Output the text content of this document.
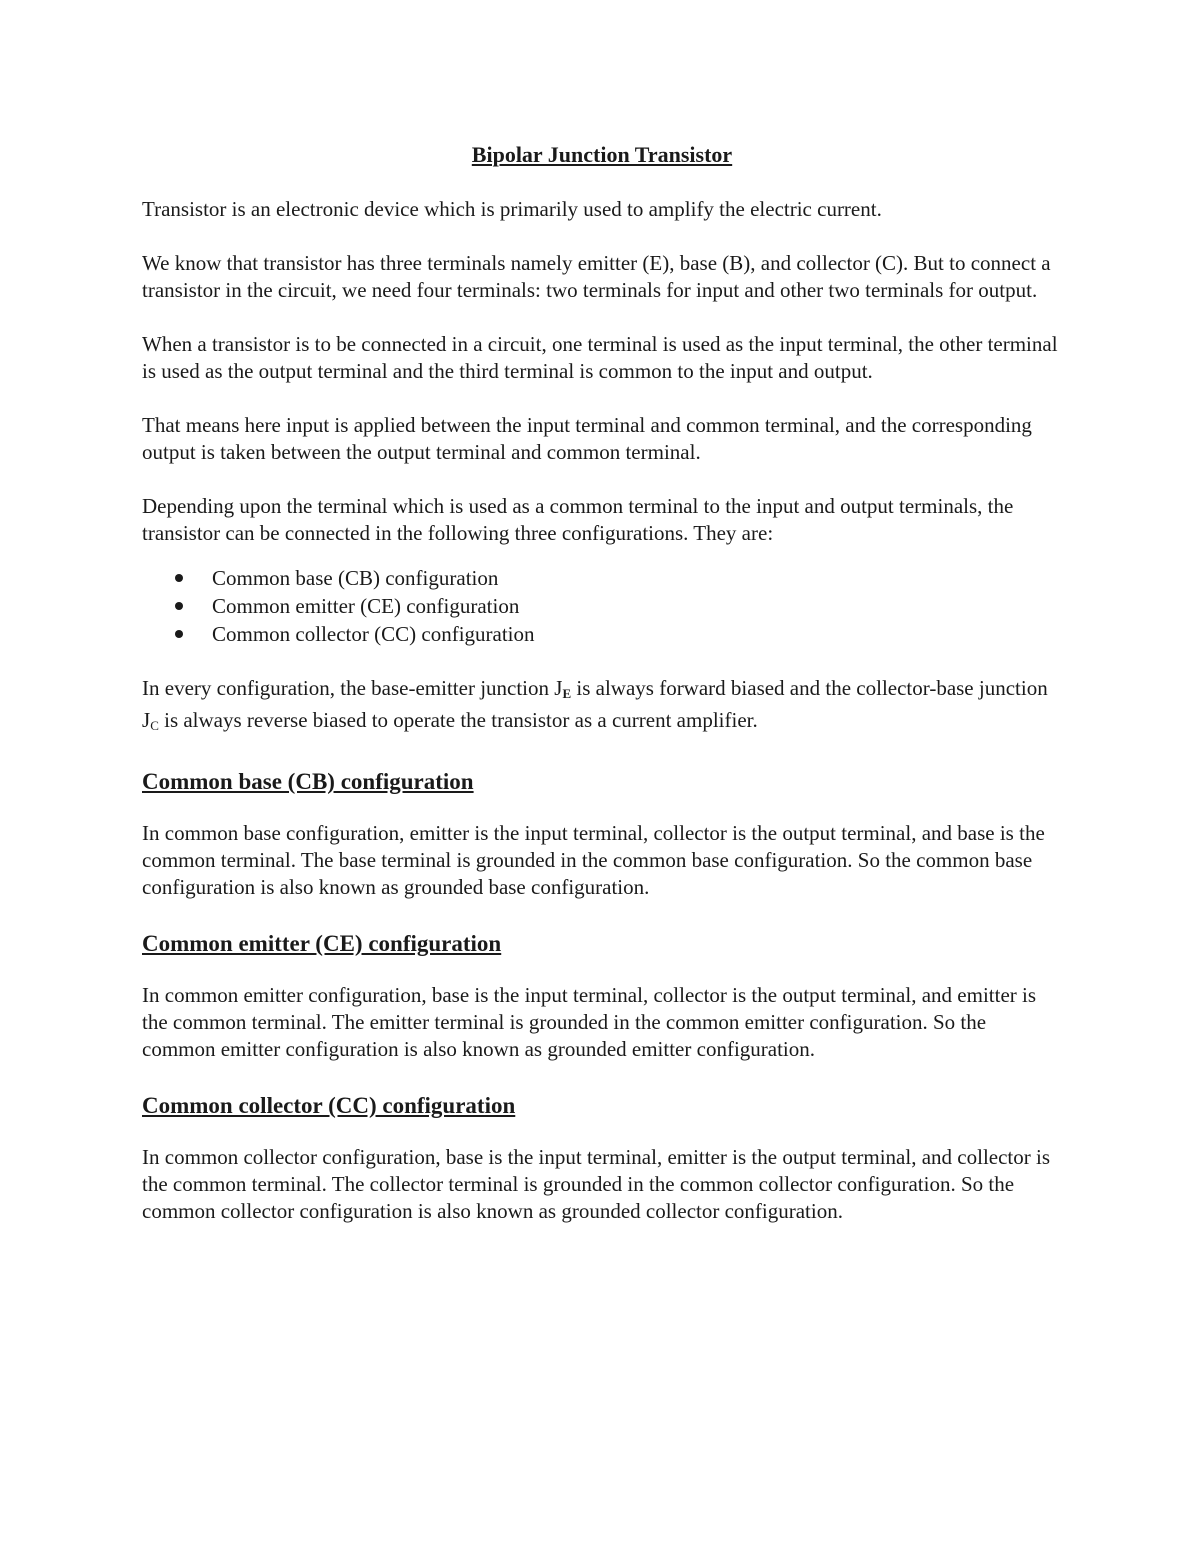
Bipolar Junction Transistor

Transistor is an electronic device which is primarily used to amplify the electric current.

We know that transistor has three terminals namely emitter (E), base (B), and collector (C). But to connect a transistor in the circuit, we need four terminals: two terminals for input and other two terminals for output.

When a transistor is to be connected in a circuit, one terminal is used as the input terminal, the other terminal is used as the output terminal and the third terminal is common to the input and output.

That means here input is applied between the input terminal and common terminal, and the corresponding output is taken between the output terminal and common terminal.

Depending upon the terminal which is used as a common terminal to the input and output terminals, the transistor can be connected in the following three configurations. They are:

Common base (CB) configuration
Common emitter (CE) configuration
Common collector (CC) configuration

In every configuration, the base-emitter junction $J_E$ is always forward biased and the collector-base junction JC is always reverse biased to operate the transistor as a current amplifier.

Common base (CB) configuration

In common base configuration, emitter is the input terminal, collector is the output terminal, and base is the common terminal. The base terminal is grounded in the common base configuration. So the common base configuration is also known as grounded base configuration.

Common emitter (CE) configuration

In common emitter configuration, base is the input terminal, collector is the output terminal, and emitter is the common terminal. The emitter terminal is grounded in the common emitter configuration. So the common emitter configuration is also known as grounded emitter configuration.

Common collector (CC) configuration

In common collector configuration, base is the input terminal, emitter is the output terminal, and collector is the common terminal. The collector terminal is grounded in the common collector configuration. So the common collector configuration is also known as grounded collector configuration.
